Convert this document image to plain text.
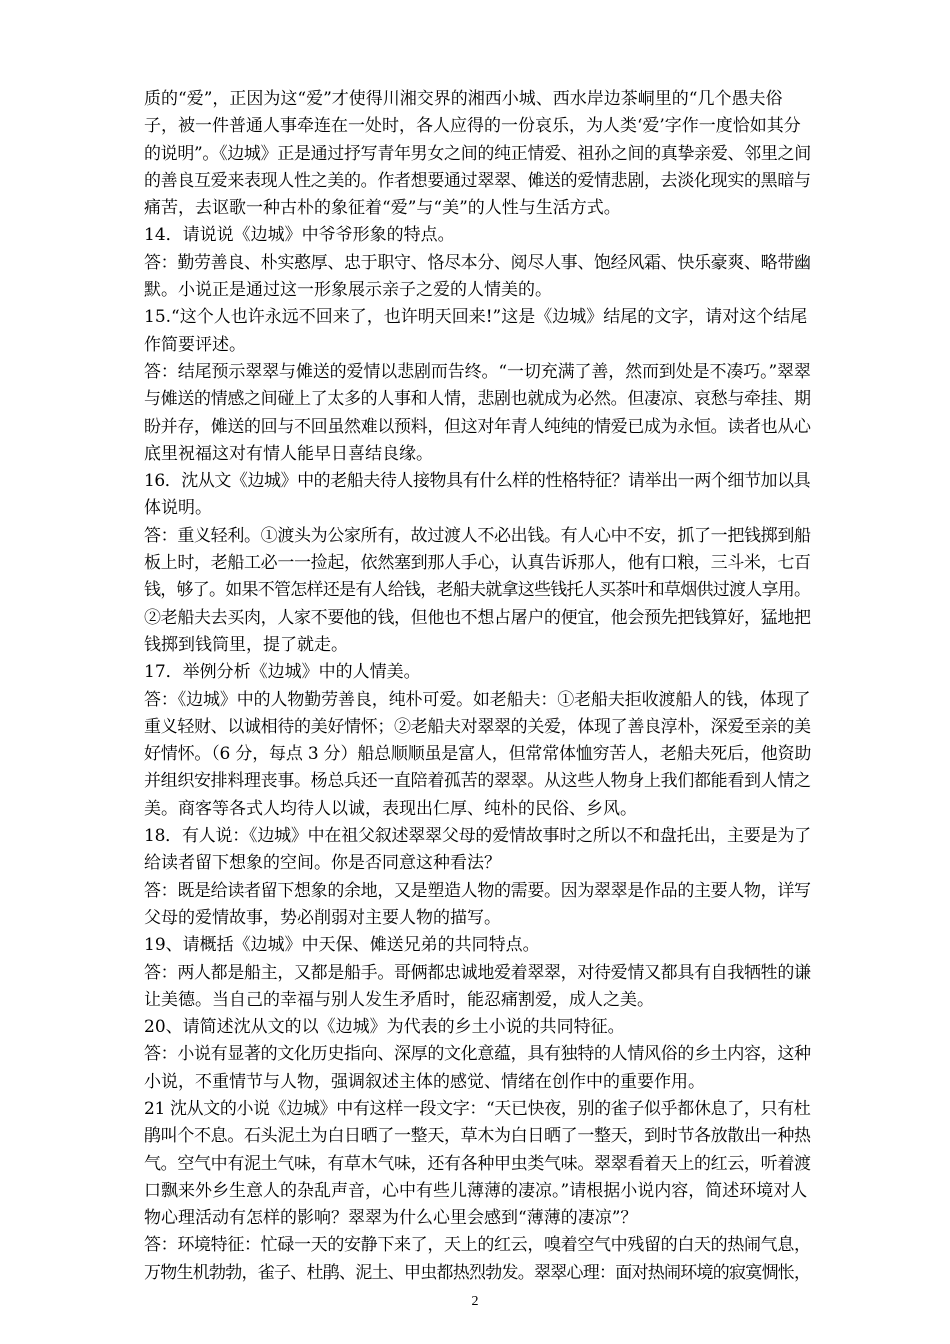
质的“爱”，正因为这“爱”才使得川湘交界的湘西小城、西水岸边茶峒里的“几个愚夫俗
子，被一件普通人事牵连在一处时，各人应得的一份哀乐，为人类‘爱’字作一度恰如其分
的说明”。《边城》正是通过抒写青年男女之间的纯正情爱、祖孙之间的真挚亲爱、邻里之间
的善良互爱来表现人性之美的。作者想要通过翠翠、傩送的爱情悲剧，去淡化现实的黑暗与
痛苦，去讴歌一种古朴的象征着“爱”与“美”的人性与生活方式。
14．请说说《边城》中爷爷形象的特点。
答：勤劳善良、朴实憨厚、忠于职守、恪尽本分、阅尽人事、饱经风霜、快乐豪爽、略带幽
默。小说正是通过这一形象展示亲子之爱的人情美的。
15.“这个人也许永远不回来了，也许明天回来!”这是《边城》结尾的文字，请对这个结尾
作简要评述。
答：结尾预示翠翠与傩送的爱情以悲剧而告终。“一切充满了善，然而到处是不凑巧。”翠翠
与傩送的情感之间碰上了太多的人事和人情，悲剧也就成为必然。但凄凉、哀愁与牵挂、期
盼并存，傩送的回与不回虽然难以预料，但这对年青人纯纯的情爱已成为永恒。读者也从心
底里祝福这对有情人能早日喜结良缘。
16．沈从文《边城》中的老船夫待人接物具有什么样的性格特征？请举出一两个细节加以具
体说明。
答：重义轻利。①渡头为公家所有，故过渡人不必出钱。有人心中不安，抓了一把钱掷到船
板上时，老船工必一一捡起，依然塞到那人手心，认真告诉那人，他有口粮，三斗米，七百
钱，够了。如果不管怎样还是有人给钱，老船夫就拿这些钱托人买茶叶和草烟供过渡人享用。
②老船夫去买肉，人家不要他的钱，但他也不想占屠户的便宜，他会预先把钱算好，猛地把
钱掷到钱筒里，提了就走。
17．举例分析《边城》中的人情美。
答：《边城》中的人物勤劳善良，纯朴可爱。如老船夫：①老船夫拒收渡船人的钱，体现了
重义轻财、以诚相待的美好情怀；②老船夫对翠翠的关爱，体现了善良淳朴，深爱至亲的美
好情怀。（6 分，每点 3 分）船总顺顺虽是富人，但常常体恤穷苦人，老船夫死后，他资助
并组织安排料理丧事。杨总兵还一直陪着孤苦的翠翠。从这些人物身上我们都能看到人情之
美。商客等各式人均待人以诚，表现出仁厚、纯朴的民俗、乡风。
18．有人说：《边城》中在祖父叙述翠翠父母的爱情故事时之所以不和盘托出，主要是为了
给读者留下想象的空间。你是否同意这种看法？
答：既是给读者留下想象的余地，又是塑造人物的需要。因为翠翠是作品的主要人物，详写
父母的爱情故事，势必削弱对主要人物的描写。
19、请概括《边城》中天保、傩送兄弟的共同特点。
答：两人都是船主，又都是船手。哥俩都忠诚地爱着翠翠，对待爱情又都具有自我牺牲的谦
让美德。当自己的幸福与别人发生矛盾时，能忍痛割爱，成人之美。
20、请简述沈从文的以《边城》为代表的乡土小说的共同特征。
答：小说有显著的文化历史指向、深厚的文化意蕴，具有独特的人情风俗的乡土内容，这种
小说，不重情节与人物，强调叙述主体的感觉、情绪在创作中的重要作用。
21 沈从文的小说《边城》中有这样一段文字：“天已快夜，别的雀子似乎都休息了，只有杜
鹃叫个不息。石头泥土为白日晒了一整天，草木为白日晒了一整天，到时节各放散出一种热
气。空气中有泥土气味，有草木气味，还有各种甲虫类气味。翠翠看着天上的红云，听着渡
口飘来外乡生意人的杂乱声音，心中有些儿薄薄的凄凉。”请根据小说内容，简述环境对人
物心理活动有怎样的影响？翠翠为什么心里会感到“薄薄的凄凉”？
答：环境特征：忙碌一天的安静下来了，天上的红云，嗅着空气中残留的白天的热闹气息，
万物生机勃勃，雀子、杜鹃、泥土、甲虫都热烈勃发。翠翠心理：面对热闹环境的寂寞惆怅，
2
